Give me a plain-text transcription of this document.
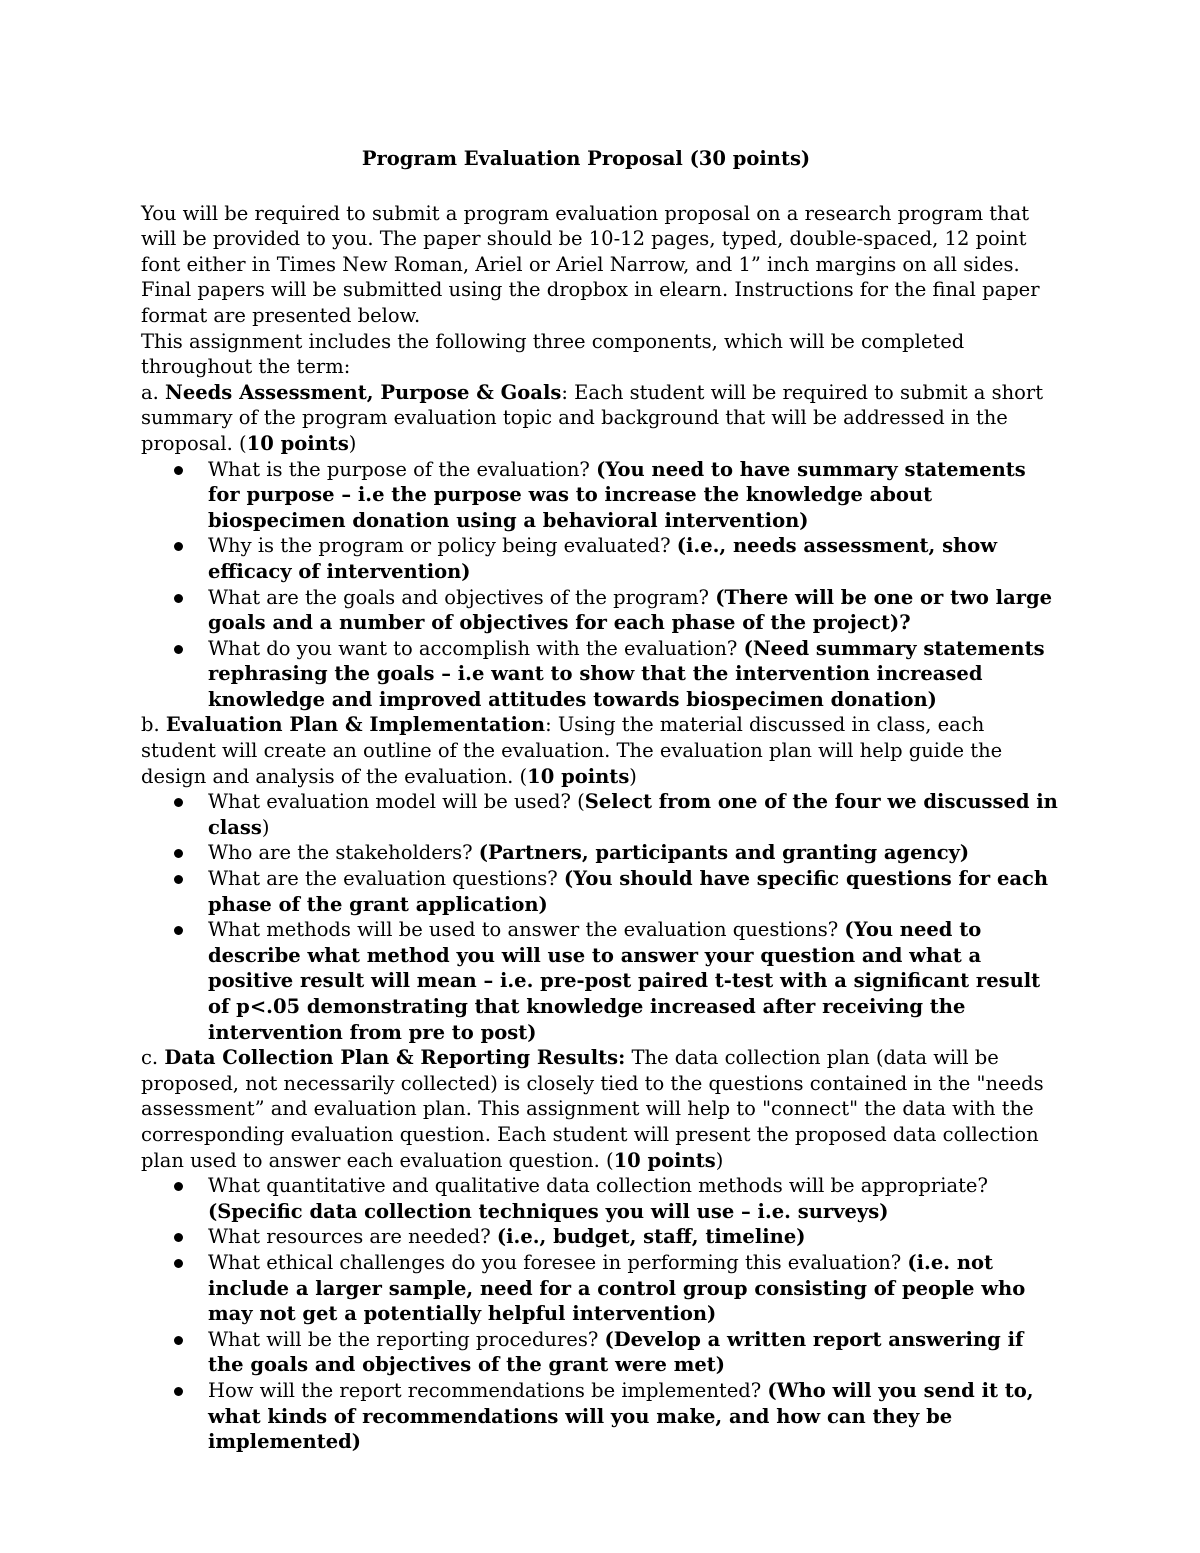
Program Evaluation Proposal (30 points)

You will be required to submit a program evaluation proposal on a research program that will be provided to you. The paper should be 10-12 pages, typed, double-spaced, 12 point font either in Times New Roman, Ariel or Ariel Narrow, and 1” inch margins on all sides. Final papers will be submitted using the dropbox in elearn. Instructions for the final paper format are presented below.

This assignment includes the following three components, which will be completed throughout the term:

a. Needs Assessment, Purpose & Goals: Each student will be required to submit a short summary of the program evaluation topic and background that will be addressed in the proposal. (10 points)

What is the purpose of the evaluation? (You need to have summary statements for purpose – i.e the purpose was to increase the knowledge about biospecimen donation using a behavioral intervention)
Why is the program or policy being evaluated? (i.e., needs assessment, show efficacy of intervention)
What are the goals and objectives of the program? (There will be one or two large goals and a number of objectives for each phase of the project)?
What do you want to accomplish with the evaluation? (Need summary statements rephrasing the goals – i.e want to show that the intervention increased knowledge and improved attitudes towards biospecimen donation)

b. Evaluation Plan & Implementation: Using the material discussed in class, each student will create an outline of the evaluation. The evaluation plan will help guide the design and analysis of the evaluation. (10 points)

What evaluation model will be used? (Select from one of the four we discussed in class)
Who are the stakeholders? (Partners, participants and granting agency)
What are the evaluation questions? (You should have specific questions for each phase of the grant application)
What methods will be used to answer the evaluation questions? (You need to describe what method you will use to answer your question and what a positive result will mean – i.e. pre-post paired t-test with a significant result of p<.05 demonstrating that knowledge increased after receiving the intervention from pre to post)

c. Data Collection Plan & Reporting Results: The data collection plan (data will be proposed, not necessarily collected) is closely tied to the questions contained in the "needs assessment” and evaluation plan. This assignment will help to "connect" the data with the corresponding evaluation question. Each student will present the proposed data collection plan used to answer each evaluation question. (10 points)

What quantitative and qualitative data collection methods will be appropriate? (Specific data collection techniques you will use – i.e. surveys)
What resources are needed? (i.e., budget, staff, timeline)
What ethical challenges do you foresee in performing this evaluation? (i.e. not include a larger sample, need for a control group consisting of people who may not get a potentially helpful intervention)
What will be the reporting procedures? (Develop a written report answering if the goals and objectives of the grant were met)
How will the report recommendations be implemented? (Who will you send it to, what kinds of recommendations will you make, and how can they be implemented)
